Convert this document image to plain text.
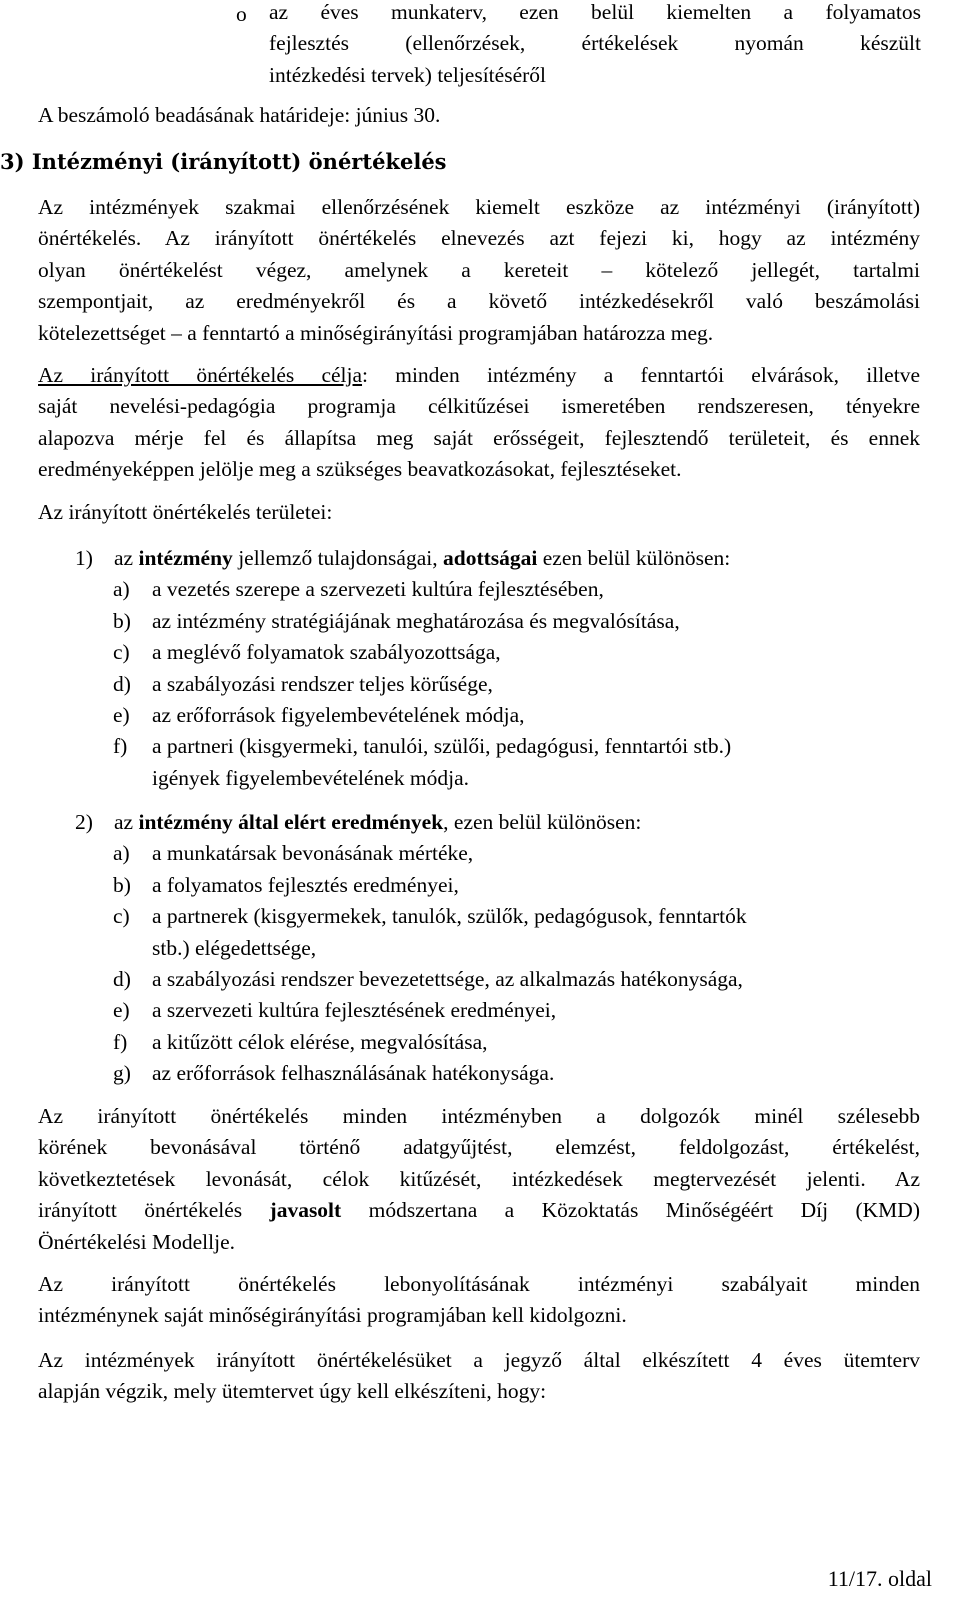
o az éves munkaterv, ezen belül kiemelten a folyamatos
fejlesztés (ellenőrzések, értékelések nyomán készült
intézkedési tervek) teljesítéséről
A beszámoló beadásának határideje: június 30.
3) Intézményi (irányított) önértékelés
Az intézmények szakmai ellenőrzésének kiemelt eszköze az intézményi (irányított)
önértékelés. Az irányított önértékelés elnevezés azt fejezi ki, hogy az intézmény
olyan önértékelést végez, amelynek a kereteit – kötelező jellegét, tartalmi
szempontjait, az eredményekről és a követő intézkedésekről való beszámolási
kötelezettséget – a fenntartó a minőségirányítási programjában határozza meg.
Az irányított önértékelés célja: minden intézmény a fenntartói elvárások, illetve
saját nevelési-pedagógia programja célkitűzései ismeretében rendszeresen, tényekre
alapozva mérje fel és állapítsa meg saját erősségeit, fejlesztendő területeit, és ennek
eredményeképpen jelölje meg a szükséges beavatkozásokat, fejlesztéseket.
Az irányított önértékelés területei:
1) az intézmény jellemző tulajdonságai, adottságai ezen belül különösen:
a) a vezetés szerepe a szervezeti kultúra fejlesztésében,
b) az intézmény stratégiájának meghatározása és megvalósítása,
c) a meglévő folyamatok szabályozottsága,
d) a szabályozási rendszer teljes körűsége,
e) az erőforrások figyelembevételének módja,
f) a partneri (kisgyermeki, tanulói, szülői, pedagógusi, fenntartói stb.)
igények figyelembevételének módja.
2) az intézmény által elért eredmények, ezen belül különösen:
a) a munkatársak bevonásának mértéke,
b) a folyamatos fejlesztés eredményei,
c) a partnerek (kisgyermekek, tanulók, szülők, pedagógusok, fenntartók
stb.) elégedettsége,
d) a szabályozási rendszer bevezetettsége, az alkalmazás hatékonysága,
e) a szervezeti kultúra fejlesztésének eredményei,
f) a kitűzött célok elérése, megvalósítása,
g) az erőforrások felhasználásának hatékonysága.
Az irányított önértékelés minden intézményben a dolgozók minél szélesebb
körének bevonásával történő adatgyűjtést, elemzést, feldolgozást, értékelést,
következtetések levonását, célok kitűzését, intézkedések megtervezését jelenti. Az
irányított önértékelés javasolt módszertana a Közoktatás Minőségéért Díj (KMD)
Önértékelési Modellje.
Az irányított önértékelés lebonyolításának intézményi szabályait minden
intézménynek saját minőségirányítási programjában kell kidolgozni.
Az intézmények irányított önértékelésüket a jegyző által elkészített 4 éves ütemterv
alapján végzik, mely ütemtervet úgy kell elkészíteni, hogy:
11/17. oldal
